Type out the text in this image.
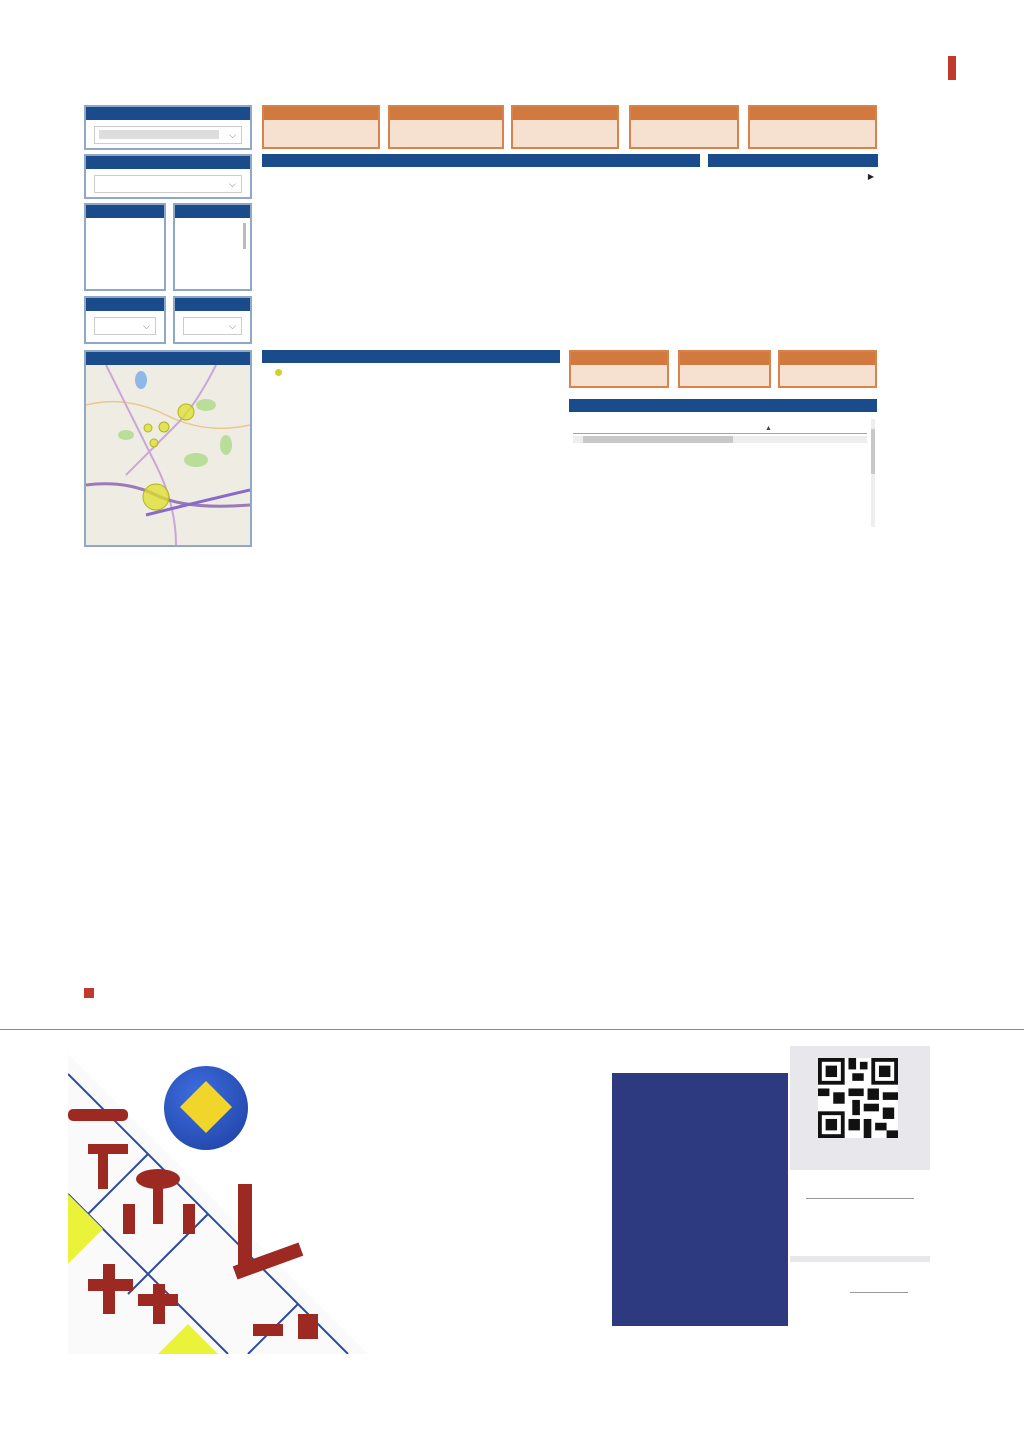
⌵
⌵
⌵	⌵
▶

▲
